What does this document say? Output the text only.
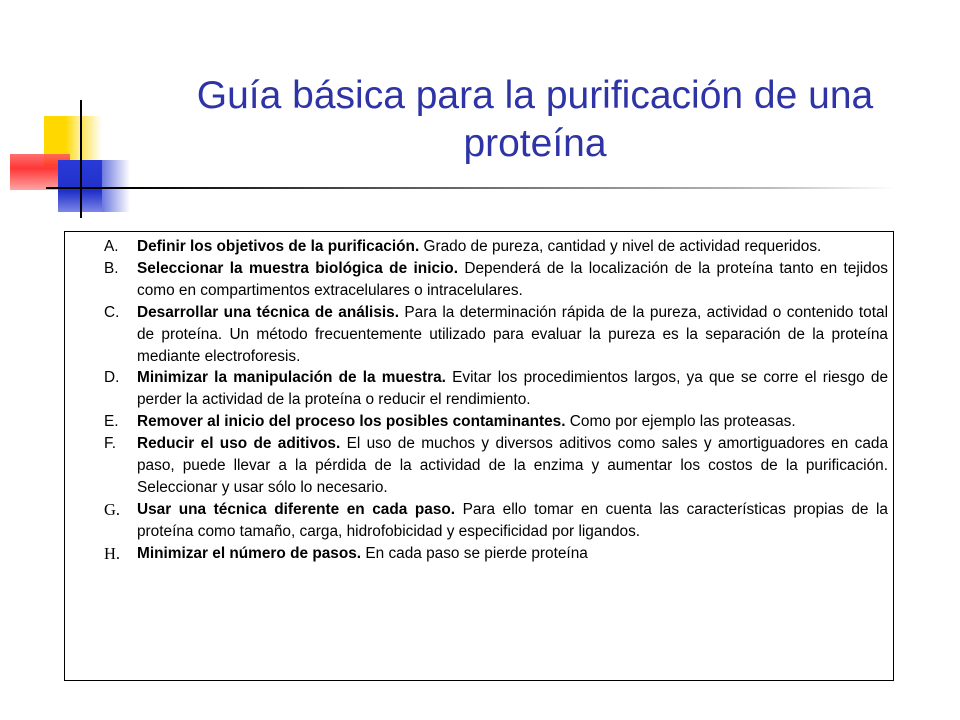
Guía básica para la purificación de una proteína
A. Definir los objetivos de la purificación. Grado de pureza, cantidad y nivel de actividad requeridos.
B. Seleccionar la muestra biológica de inicio. Dependerá de la localización de la proteína tanto en tejidos como en compartimentos extracelulares o intracelulares.
C. Desarrollar una técnica de análisis. Para la determinación rápida de la pureza, actividad o contenido total de proteína. Un método frecuentemente utilizado para evaluar la pureza es la separación de la proteína mediante electroforesis.
D. Minimizar la manipulación de la muestra. Evitar los procedimientos largos, ya que se corre el riesgo de perder la actividad de la proteína o reducir el rendimiento.
E. Remover al inicio del proceso los posibles contaminantes. Como por ejemplo las proteasas.
F. Reducir el uso de aditivos. El uso de muchos y diversos aditivos como sales y amortiguadores en cada paso, puede llevar a la pérdida de la actividad de la enzima y aumentar los costos de la purificación. Seleccionar y usar sólo lo necesario.
G. Usar una técnica diferente en cada paso. Para ello tomar en cuenta las características propias de la proteína como tamaño, carga, hidrofobicidad y especificidad por ligandos.
H. Minimizar el número de pasos. En cada paso se pierde proteína
